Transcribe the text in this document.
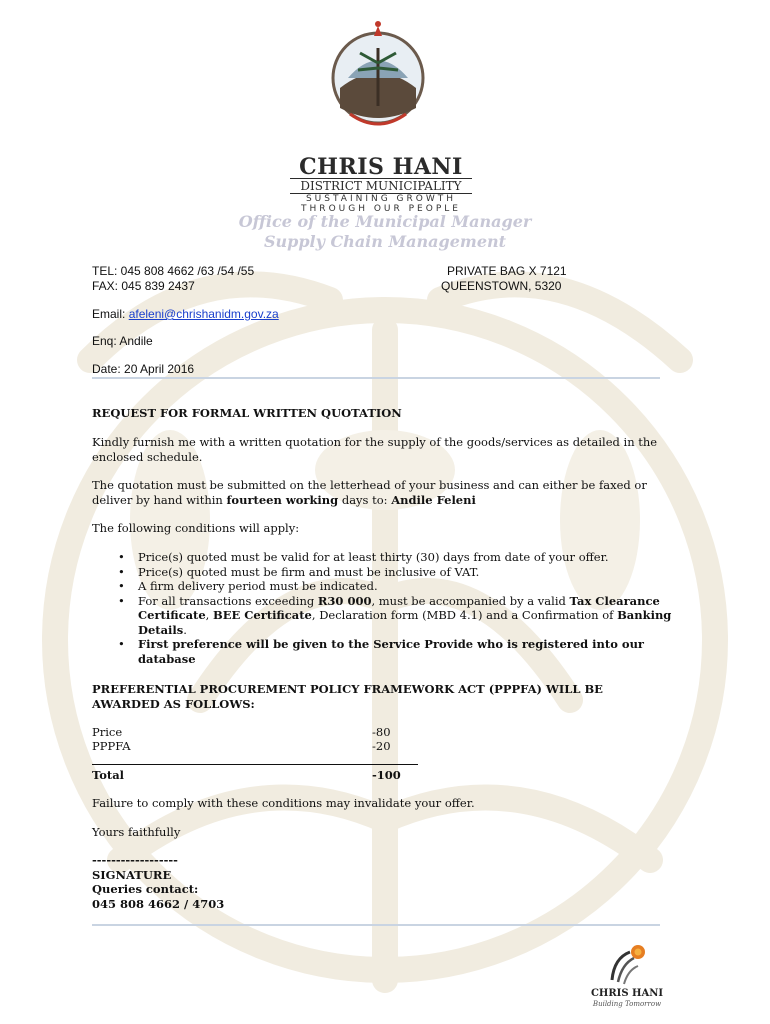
CHRIS HANI
DISTRICT MUNICIPALITY
SUSTAINING GROWTH
THROUGH OUR PEOPLE
Office of the Municipal Manager
Supply Chain Management
TEL: 045 808 4662 /63 /54 /55
FAX: 045 839 2437
PRIVATE BAG X 7121
QUEENSTOWN, 5320
Email: afeleni@chrishanidm.gov.za
Enq: Andile
Date: 20 April 2016
REQUEST FOR FORMAL WRITTEN QUOTATION
Kindly furnish me with a written quotation for the supply of the goods/services as detailed in the enclosed schedule.
The quotation must be submitted on the letterhead of your business and can either be faxed or deliver by hand within fourteen working days to: Andile Feleni
The following conditions will apply:
• Price(s) quoted must be valid for at least thirty (30) days from date of your offer.
• Price(s) quoted must be firm and must be inclusive of VAT.
• A firm delivery period must be indicated.
• For all transactions exceeding R30 000, must be accompanied by a valid Tax Clearance Certificate, BEE Certificate, Declaration form (MBD 4.1) and a Confirmation of Banking Details.
• First preference will be given to the Service Provide who is registered into our database
PREFERENTIAL PROCUREMENT POLICY FRAMEWORK ACT (PPPFA) WILL BE AWARDED AS FOLLOWS:
Price	-80
PPPFA	-20
Total	-100
Failure to comply with these conditions may invalidate your offer.
Yours faithfully
------------------
SIGNATURE
Queries contact:
045 808 4662 / 4703
CHRIS HANI
Building Tomorrow
